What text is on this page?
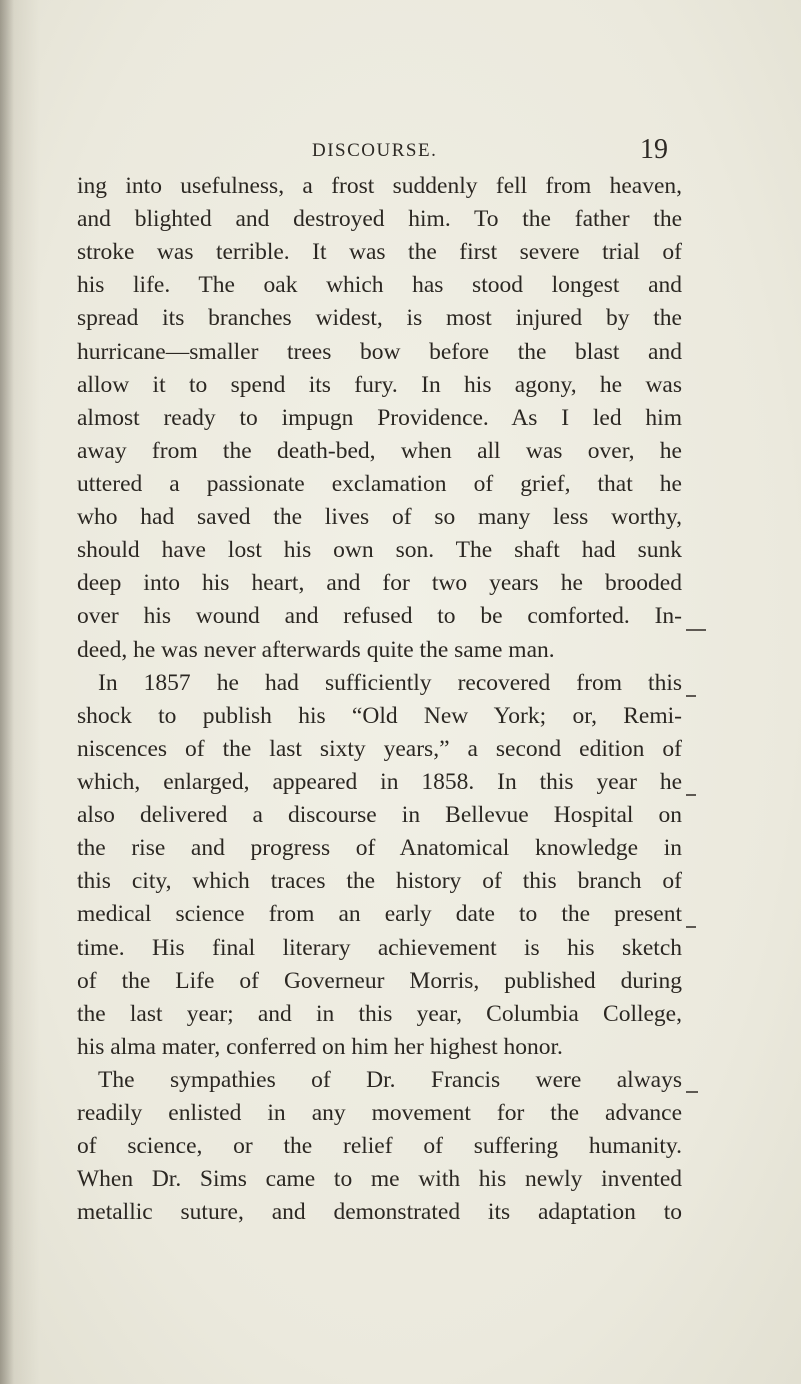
DISCOURSE.	19
ing into usefulness, a frost suddenly fell from heaven,
and blighted and destroyed him. To the father the
stroke was terrible. It was the first severe trial of
his life. The oak which has stood longest and
spread its branches widest, is most injured by the
hurricane—smaller trees bow before the blast and
allow it to spend its fury. In his agony, he was
almost ready to impugn Providence. As I led him
away from the death-bed, when all was over, he
uttered a passionate exclamation of grief, that he
who had saved the lives of so many less worthy,
should have lost his own son. The shaft had sunk
deep into his heart, and for two years he brooded
over his wound and refused to be comforted. In-
deed, he was never afterwards quite the same man.
In 1857 he had sufficiently recovered from this
shock to publish his “Old New York; or, Remi-
niscences of the last sixty years,” a second edition of
which, enlarged, appeared in 1858. In this year he
also delivered a discourse in Bellevue Hospital on
the rise and progress of Anatomical knowledge in
this city, which traces the history of this branch of
medical science from an early date to the present
time. His final literary achievement is his sketch
of the Life of Governeur Morris, published during
the last year; and in this year, Columbia College,
his alma mater, conferred on him her highest honor.
The sympathies of Dr. Francis were always
readily enlisted in any movement for the advance
of science, or the relief of suffering humanity.
When Dr. Sims came to me with his newly invented
metallic suture, and demonstrated its adaptation to
